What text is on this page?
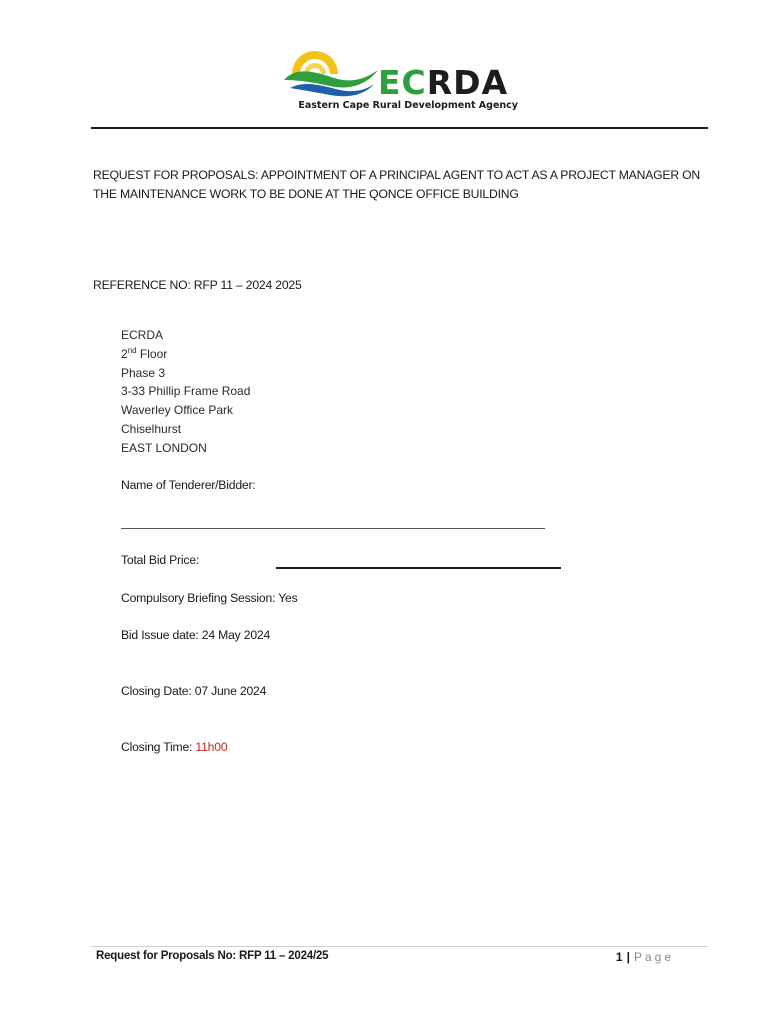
ECRDA
Eastern Cape Rural Development Agency
REQUEST FOR PROPOSALS: APPOINTMENT OF A PRINCIPAL AGENT TO ACT AS A PROJECT MANAGER ON THE MAINTENANCE WORK TO BE DONE AT THE QONCE OFFICE BUILDING
REFERENCE NO: RFP 11 – 2024 2025
ECRDA
2nd Floor
Phase 3
3-33 Phillip Frame Road
Waverley Office Park
Chiselhurst
EAST LONDON
Name of Tenderer/Bidder:
Total Bid Price:
Compulsory Briefing Session: Yes
Bid Issue date: 24 May 2024
Closing Date: 07 June 2024
Closing Time: 11h00
Request for Proposals No: RFP 11 – 2024/25	1 | Page
